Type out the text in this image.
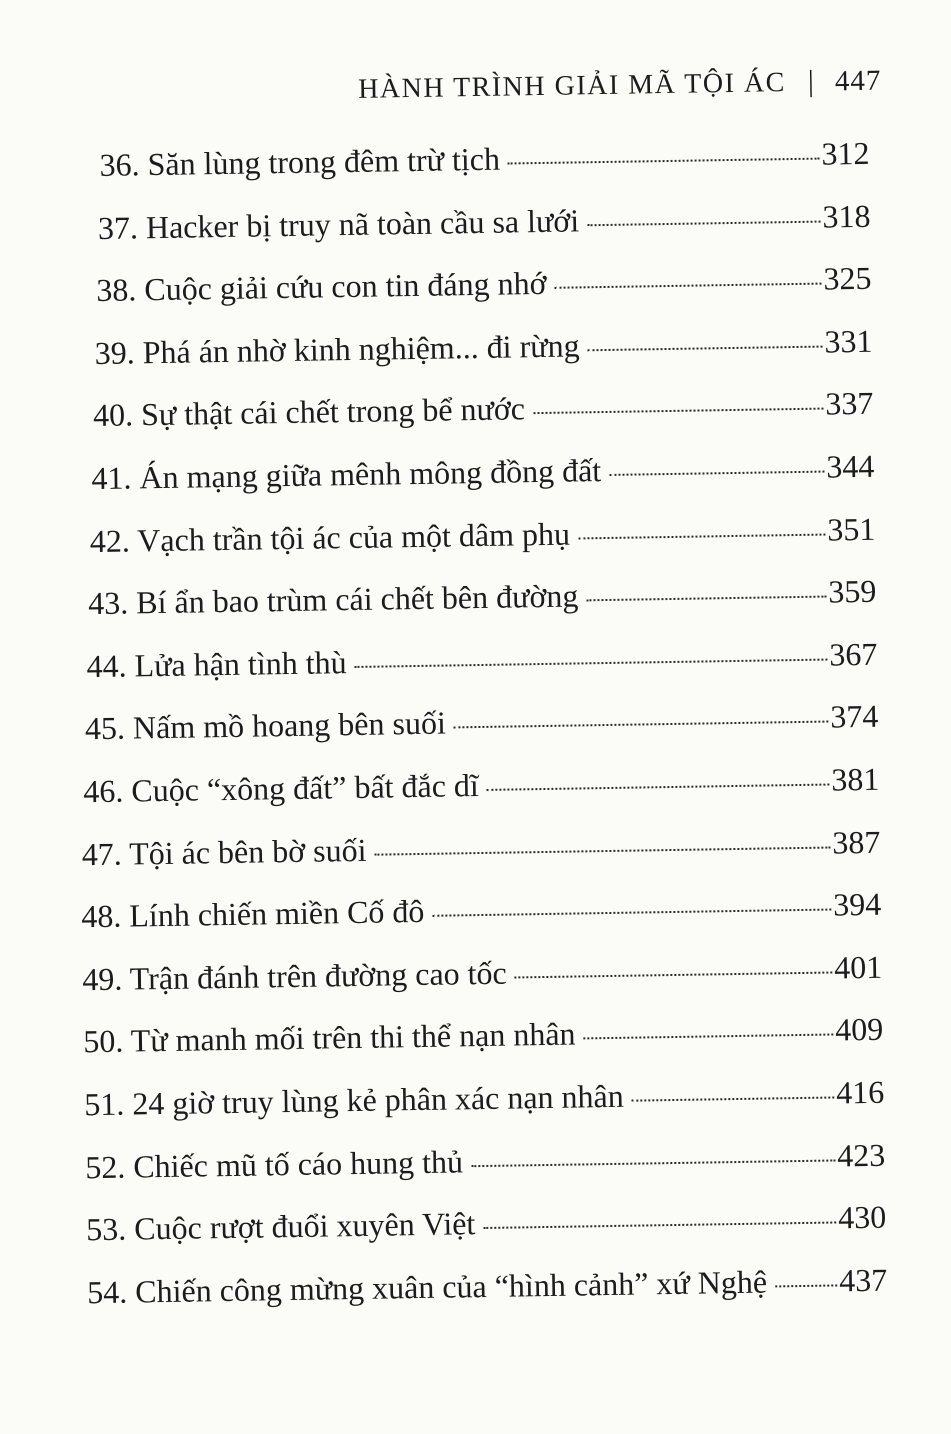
HÀNH TRÌNH GIẢI MÃ TỘI ÁC | 447
36. Săn lùng trong đêm trừ tịch	312
37. Hacker bị truy nã toàn cầu sa lưới	318
38. Cuộc giải cứu con tin đáng nhớ	325
39. Phá án nhờ kinh nghiệm... đi rừng	331
40. Sự thật cái chết trong bể nước	337
41. Án mạng giữa mênh mông đồng đất	344
42. Vạch trần tội ác của một dâm phụ	351
43. Bí ẩn bao trùm cái chết bên đường	359
44. Lửa hận tình thù	367
45. Nấm mồ hoang bên suối	374
46. Cuộc “xông đất” bất đắc dĩ	381
47. Tội ác bên bờ suối	387
48. Lính chiến miền Cố đô	394
49. Trận đánh trên đường cao tốc	401
50. Từ manh mối trên thi thể nạn nhân	409
51. 24 giờ truy lùng kẻ phân xác nạn nhân	416
52. Chiếc mũ tố cáo hung thủ	423
53. Cuộc rượt đuổi xuyên Việt	430
54. Chiến công mừng xuân của “hình cảnh” xứ Nghệ 437
